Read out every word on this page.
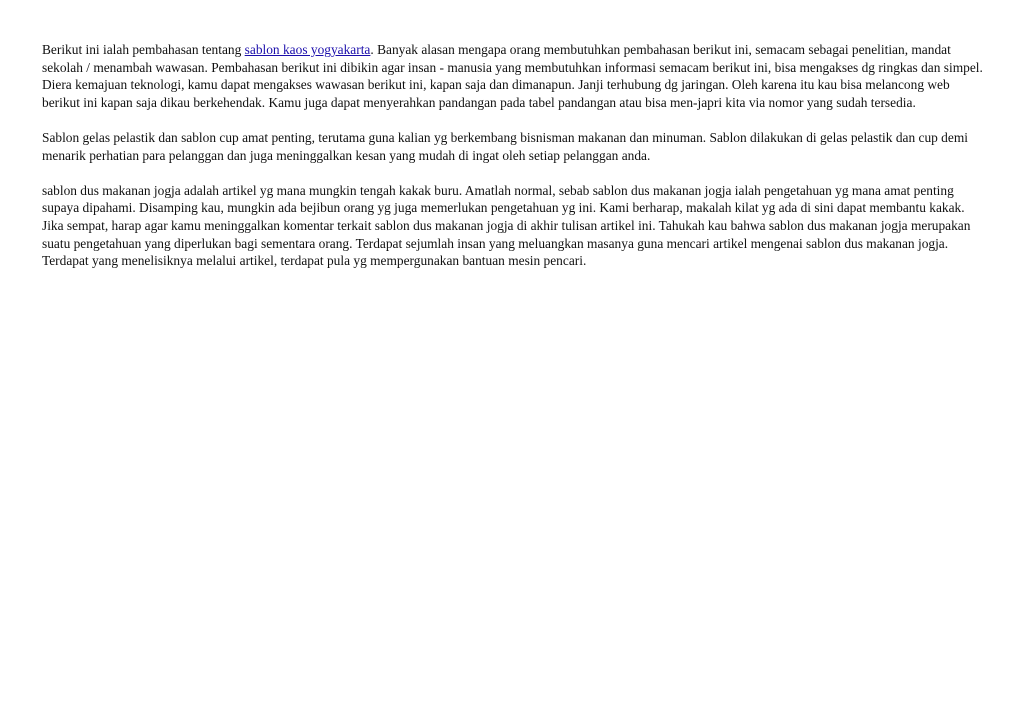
Berikut ini ialah pembahasan tentang sablon kaos yogyakarta. Banyak alasan mengapa orang membutuhkan pembahasan berikut ini, semacam sebagai penelitian, mandat sekolah / menambah wawasan. Pembahasan berikut ini dibikin agar insan - manusia yang membutuhkan informasi semacam berikut ini, bisa mengakses dg ringkas dan simpel. Diera kemajuan teknologi, kamu dapat mengakses wawasan berikut ini, kapan saja dan dimanapun. Janji terhubung dg jaringan. Oleh karena itu kau bisa melancong web berikut ini kapan saja dikau berkehendak. Kamu juga dapat menyerahkan pandangan pada tabel pandangan atau bisa men-japri kita via nomor yang sudah tersedia.

Sablon gelas pelastik dan sablon cup amat penting, terutama guna kalian yg berkembang bisnisman makanan dan minuman. Sablon dilakukan di gelas pelastik dan cup demi menarik perhatian para pelanggan dan juga meninggalkan kesan yang mudah di ingat oleh setiap pelanggan anda.

sablon dus makanan jogja adalah artikel yg mana mungkin tengah kakak buru. Amatlah normal, sebab sablon dus makanan jogja ialah pengetahuan yg mana amat penting supaya dipahami. Disamping kau, mungkin ada bejibun orang yg juga memerlukan pengetahuan yg ini. Kami berharap, makalah kilat yg ada di sini dapat membantu kakak. Jika sempat, harap agar kamu meninggalkan komentar terkait sablon dus makanan jogja di akhir tulisan artikel ini. Tahukah kau bahwa sablon dus makanan jogja merupakan suatu pengetahuan yang diperlukan bagi sementara orang. Terdapat sejumlah insan yang meluangkan masanya guna mencari artikel mengenai sablon dus makanan jogja. Terdapat yang menelisiknya melalui artikel, terdapat pula yg mempergunakan bantuan mesin pencari.
